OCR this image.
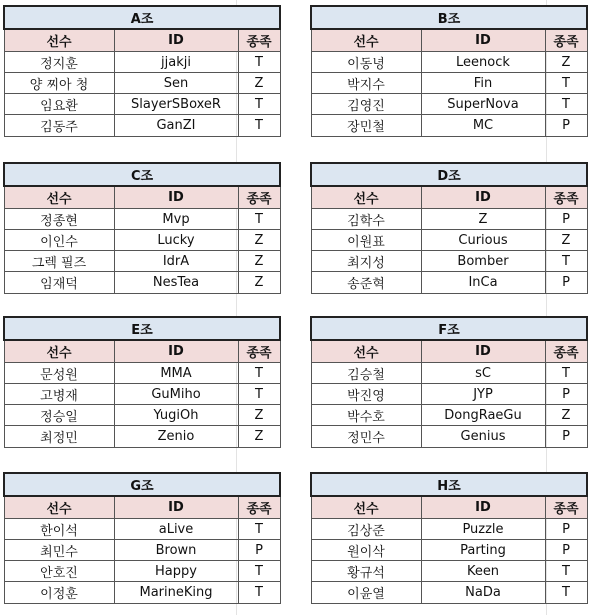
A조		
선수	ID	종족
정지훈	jjakji	T
양 찌아 청	Sen	Z
임요환	SlayerSBoxeR	T
김동주	GanZI	T
B조		
선수	ID	종족
이동녕	Leenock	Z
박지수	Fin	T
김영진	SuperNova	T
장민철	MC	P
C조		
선수	ID	종족
정종현	Mvp	T
이인수	Lucky	Z
그렉 필즈	IdrA	Z
임재덕	NesTea	Z
D조		
선수	ID	종족
김학수	Z	P
이원표	Curious	Z
최지성	Bomber	T
송준혁	InCa	P
E조		
선수	ID	종족
문성원	MMA	T
고병재	GuMiho	T
정승일	YugiOh	Z
최정민	Zenio	Z
F조		
선수	ID	종족
김승철	sC	T
박진영	JYP	P
박수호	DongRaeGu	Z
정민수	Genius	P
G조		
선수	ID	종족
한이석	aLive	T
최민수	Brown	P
안호진	Happy	T
이정훈	MarineKing	T
H조		
선수	ID	종족
김상준	Puzzle	P
원이삭	Parting	P
황규석	Keen	T
이윤열	NaDa	T
